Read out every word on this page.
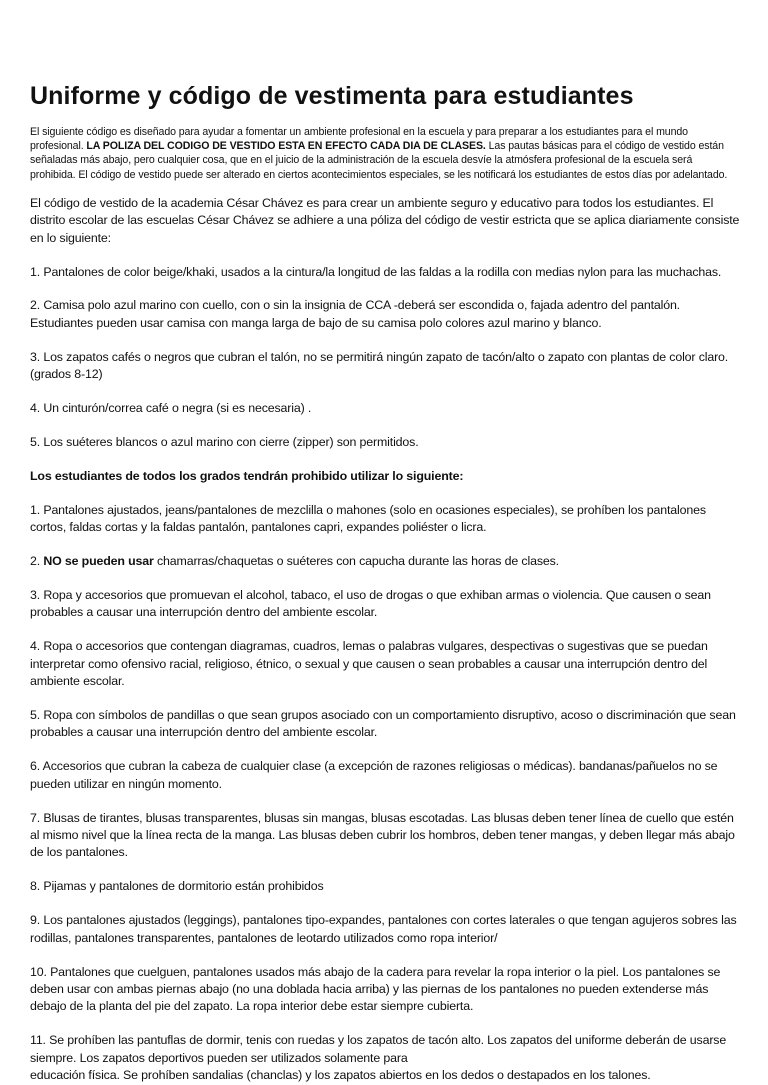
Uniforme y código de vestimenta para estudiantes

El siguiente código es diseñado para ayudar a fomentar un ambiente profesional en la escuela y para preparar a los estudiantes para el mundo profesional. LA POLIZA DEL CODIGO DE VESTIDO ESTA EN EFECTO CADA DIA DE CLASES. Las pautas básicas para el código de vestido están señaladas más abajo, pero cualquier cosa, que en el juicio de la administración de la escuela desvíe la atmósfera profesional de la escuela será prohibida. El código de vestido puede ser alterado en ciertos acontecimientos especiales, se les notificará los estudiantes de estos días por adelantado.

El código de vestido de la academia César Chávez es para crear un ambiente seguro y educativo para todos los estudiantes. El distrito escolar de las escuelas César Chávez se adhiere a una póliza del código de vestir estricta que se aplica diariamente consiste en lo siguiente:

1. Pantalones de color beige/khaki, usados a la cintura/la longitud de las faldas a la rodilla con medias nylon para las muchachas.

2. Camisa polo azul marino con cuello, con o sin la insignia de CCA -deberá ser escondida o, fajada adentro del pantalón. Estudiantes pueden usar camisa con manga larga de bajo de su camisa polo colores azul marino y blanco.

3. Los zapatos cafés o negros que cubran el talón, no se permitirá ningún zapato de tacón/alto o zapato con plantas de color claro. (grados 8-12)

4. Un cinturón/correa café o negra (si es necesaria) .

5. Los suéteres blancos o azul marino con cierre (zipper) son permitidos.

Los estudiantes de todos los grados tendrán prohibido utilizar lo siguiente:

1. Pantalones ajustados, jeans/pantalones de mezclilla o mahones (solo en ocasiones especiales), se prohíben los pantalones cortos, faldas cortas y la faldas pantalón, pantalones capri, expandes poliéster o licra.

2. NO se pueden usar chamarras/chaquetas o suéteres con capucha durante las horas de clases.

3. Ropa y accesorios que promuevan el alcohol, tabaco, el uso de drogas o que exhiban armas o violencia. Que causen o sean probables a causar una interrupción dentro del ambiente escolar.

4. Ropa o accesorios que contengan diagramas, cuadros, lemas o palabras vulgares, despectivas o sugestivas que se puedan interpretar como ofensivo racial, religioso, étnico, o sexual y que causen o sean probables a causar una interrupción dentro del ambiente escolar.

5. Ropa con símbolos de pandillas o que sean grupos asociado con un comportamiento disruptivo, acoso o discriminación que sean probables a causar una interrupción dentro del ambiente escolar.

6. Accesorios que cubran la cabeza de cualquier clase (a excepción de razones religiosas o médicas). bandanas/pañuelos no se pueden utilizar en ningún momento.

7. Blusas de tirantes, blusas transparentes, blusas sin mangas, blusas escotadas. Las blusas deben tener línea de cuello que estén al mismo nivel que la línea recta de la manga. Las blusas deben cubrir los hombros, deben tener mangas, y deben llegar más abajo de los pantalones.

8. Pijamas y pantalones de dormitorio están prohibidos

9. Los pantalones ajustados (leggings), pantalones tipo-expandes, pantalones con cortes laterales o que tengan agujeros sobres las rodillas, pantalones transparentes, pantalones de leotardo utilizados como ropa interior/

10. Pantalones que cuelguen, pantalones usados más abajo de la cadera para revelar la ropa interior o la piel. Los pantalones se deben usar con ambas piernas abajo (no una doblada hacia arriba) y las piernas de los pantalones no pueden extenderse más debajo de la planta del pie del zapato. La ropa interior debe estar siempre cubierta.

11. Se prohíben las pantuflas de dormir, tenis con ruedas y los zapatos de tacón alto. Los zapatos del uniforme deberán de usarse siempre. Los zapatos deportivos pueden ser utilizados solamente para
educación física. Se prohíben sandalias (chanclas) y los zapatos abiertos en los dedos o destapados en los talones.
